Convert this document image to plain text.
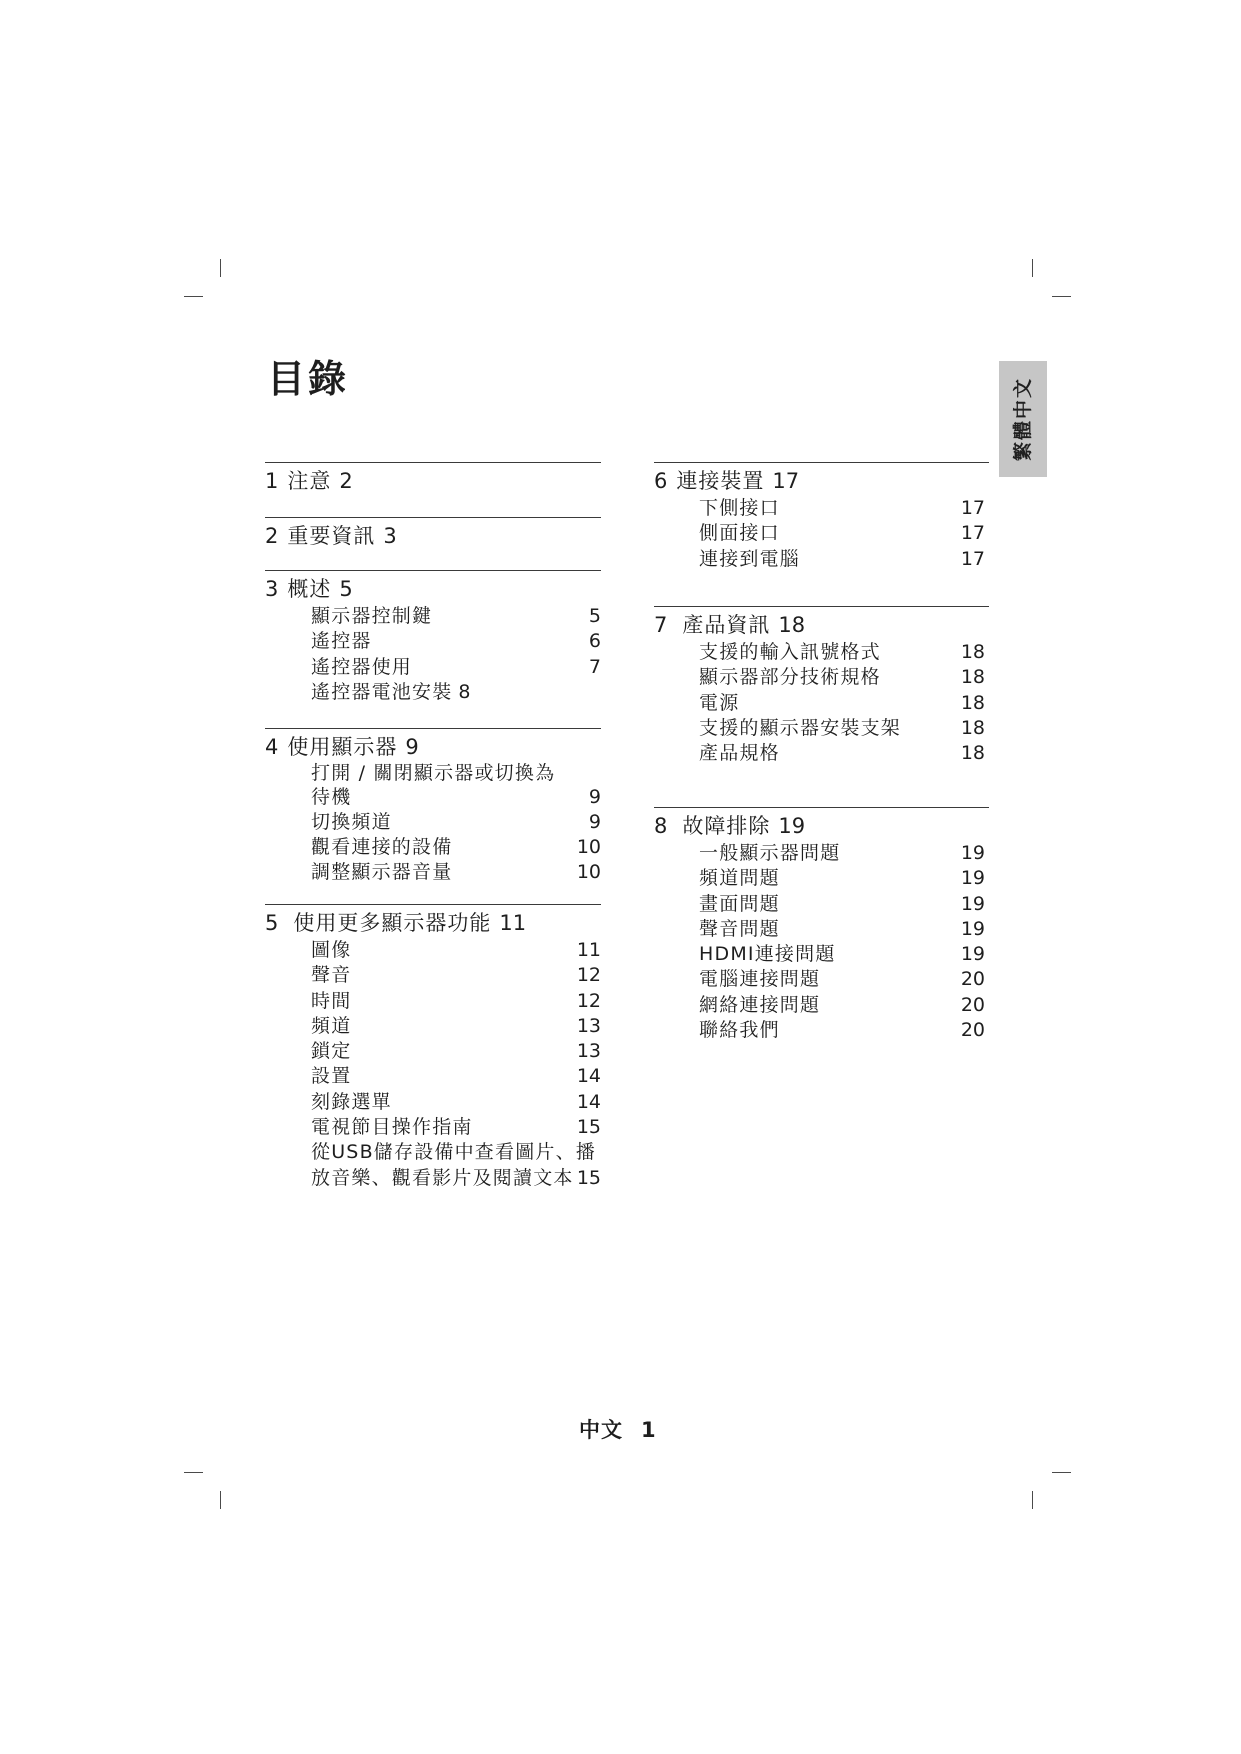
目錄	繁體中文
1 注意 2
2 重要資訊 3
3 概述 5
顯示器控制鍵	5
遙控器	6
遙控器使用	7
遙控器電池安裝 8
4 使用顯示器 9
打開 / 關閉顯示器或切換為
待機	9
切換頻道	9
觀看連接的設備	10
調整顯示器音量	10
5 使用更多顯示器功能 11
圖像	11
聲音	12
時間	12
頻道	13
鎖定	13
設置	14
刻錄選單	14
電視節目操作指南	15
從USB儲存設備中查看圖片、播
放音樂、觀看影片及閱讀文本 15
6 連接裝置 17
下側接口	17
側面接口	17
連接到電腦	17
7 產品資訊 18
支援的輸入訊號格式	18
顯示器部分技術規格	18
電源	18
支援的顯示器安裝支架	18
產品規格	18
8 故障排除 19
一般顯示器問題	19
頻道問題	19
畫面問題	19
聲音問題	19
HDMI連接問題	19
電腦連接問題	20
網絡連接問題	20
聯絡我們	20
中文 1
